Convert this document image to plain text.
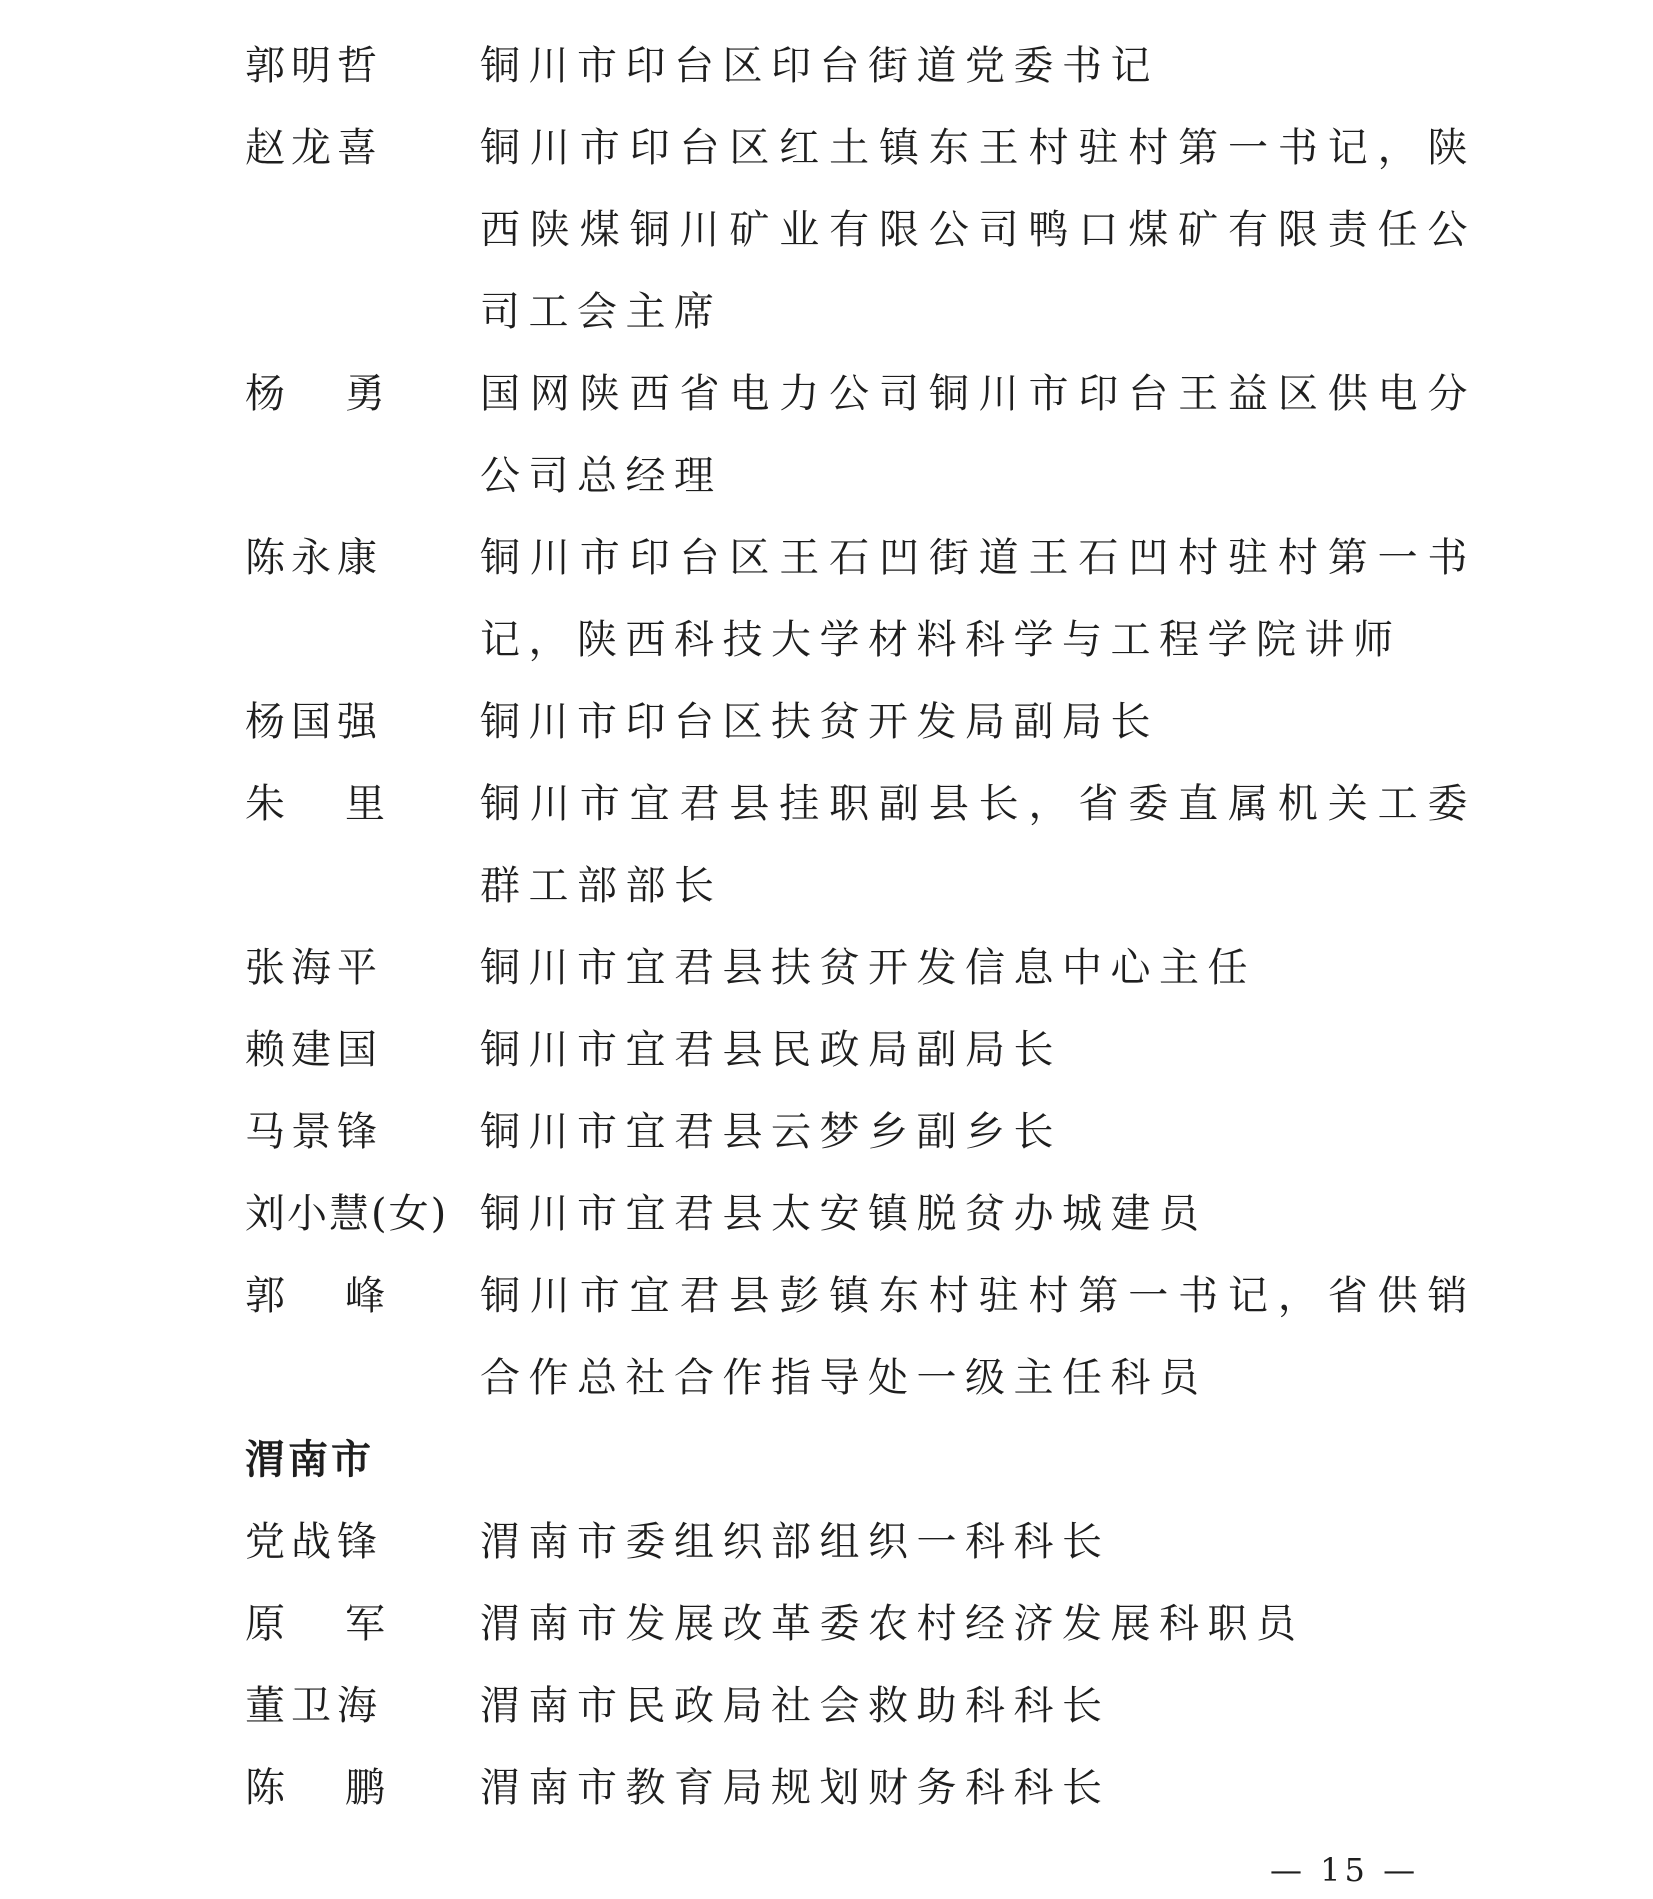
郭明哲 铜川市印台区印台街道党委书记
赵龙喜 铜川市印台区红土镇东王村驻村第一书记，陕西陕煤铜川矿业有限公司鸭口煤矿有限责任公司工会主席
杨 勇 国网陕西省电力公司铜川市印台王益区供电分公司总经理
陈永康 铜川市印台区王石凹街道王石凹村驻村第一书记，陕西科技大学材料科学与工程学院讲师
杨国强 铜川市印台区扶贫开发局副局长
朱 里 铜川市宜君县挂职副县长，省委直属机关工委群工部部长
张海平 铜川市宜君县扶贫开发信息中心主任
赖建国 铜川市宜君县民政局副局长
马景锋 铜川市宜君县云梦乡副乡长
刘小慧(女) 铜川市宜君县太安镇脱贫办城建员
郭 峰 铜川市宜君县彭镇东村驻村第一书记，省供销合作总社合作指导处一级主任科员
渭南市
党战锋 渭南市委组织部组织一科科长
原 军 渭南市发展改革委农村经济发展科职员
董卫海 渭南市民政局社会救助科科长
陈 鹏 渭南市教育局规划财务科科长
— 15 —
